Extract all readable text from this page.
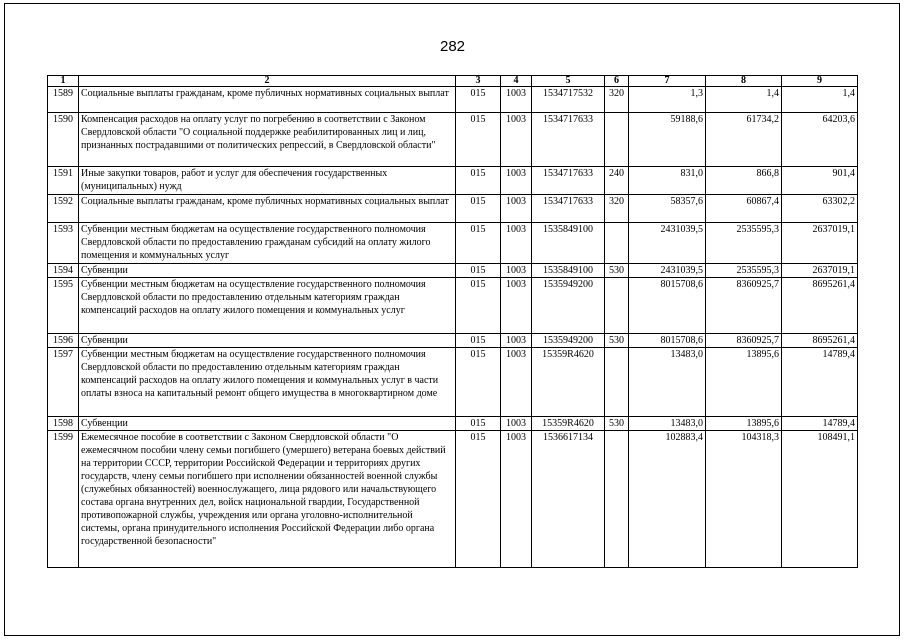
282
1	2	3	4	5	6	7	8	9
1589	Социальные выплаты гражданам, кроме публичных нормативных социальных выплат	015	1003	1534717532	320	1,3	1,4	1,4
1590	Компенсация расходов на оплату услуг по погребению в соответствии с Законом Свердловской области "О социальной поддержке реабилитированных лиц и лиц, признанных пострадавшими от политических репрессий, в Свердловской области"	015	1003	1534717633		59188,6	61734,2	64203,6
1591	Иные закупки товаров, работ и услуг для обеспечения государственных (муниципальных) нужд	015	1003	1534717633	240	831,0	866,8	901,4
1592	Социальные выплаты гражданам, кроме публичных нормативных социальных выплат	015	1003	1534717633	320	58357,6	60867,4	63302,2
1593	Субвенции местным бюджетам на осуществление государственного полномочия Свердловской области по предоставлению гражданам субсидий на оплату жилого помещения и коммунальных услуг	015	1003	1535849100		2431039,5	2535595,3	2637019,1
1594	Субвенции	015	1003	1535849100	530	2431039,5	2535595,3	2637019,1
1595	Субвенции местным бюджетам на осуществление государственного полномочия Свердловской области по предоставлению отдельным категориям граждан компенсаций расходов на оплату жилого помещения и коммунальных услуг	015	1003	1535949200		8015708,6	8360925,7	8695261,4
1596	Субвенции	015	1003	1535949200	530	8015708,6	8360925,7	8695261,4
1597	Субвенции местным бюджетам на осуществление государственного полномочия Свердловской области по предоставлению отдельным категориям граждан компенсаций расходов на оплату жилого помещения и коммунальных услуг в части оплаты взноса на капитальный ремонт общего имущества в многоквартирном доме	015	1003	15359R4620		13483,0	13895,6	14789,4
1598	Субвенции	015	1003	15359R4620	530	13483,0	13895,6	14789,4
1599	Ежемесячное пособие в соответствии с Законом Свердловской области "О ежемесячном пособии члену семьи погибшего (умершего) ветерана боевых действий на территории СССР, территории Российской Федерации и территориях других государств, члену семьи погибшего при исполнении обязанностей военной службы (служебных обязанностей) военнослужащего, лица рядового или начальствующего состава органа внутренних дел, войск национальной гвардии, Государственной противопожарной службы, учреждения или органа уголовно-исполнительной системы, органа принудительного исполнения Российской Федерации либо органа государственной безопасности"	015	1003	1536617134		102883,4	104318,3	108491,1
